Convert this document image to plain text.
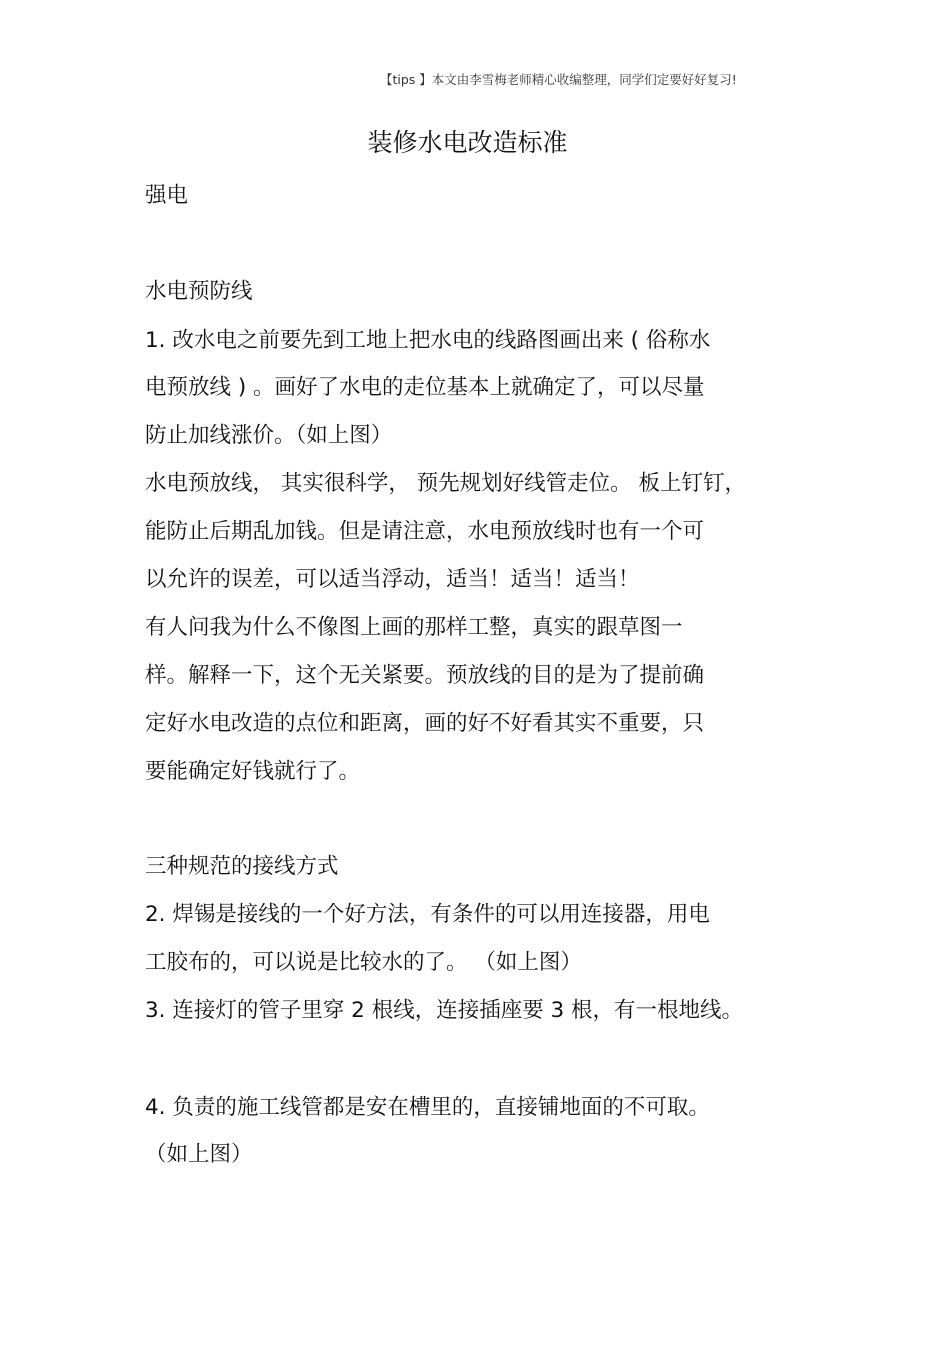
【tips 】本文由李雪梅老师精心收编整理，同学们定要好好复习!
装修水电改造标准
强电
水电预防线
1. 改水电之前要先到工地上把水电的线路图画出来 ( 俗称水
电预放线 ) 。画好了水电的走位基本上就确定了，可以尽量
防止加线涨价。（如上图）
水电预放线， 其实很科学， 预先规划好线管走位。 板上钉钉，
能防止后期乱加钱。但是请注意，水电预放线时也有一个可
以允许的误差，可以适当浮动，适当！适当！适当！
有人问我为什么不像图上画的那样工整，真实的跟草图一
样。解释一下，这个无关紧要。预放线的目的是为了提前确
定好水电改造的点位和距离，画的好不好看其实不重要，只
要能确定好钱就行了。
三种规范的接线方式
2. 焊锡是接线的一个好方法，有条件的可以用连接器，用电
工胶布的，可以说是比较水的了。 （如上图）
3. 连接灯的管子里穿 2 根线，连接插座要 3 根，有一根地线。
4. 负责的施工线管都是安在槽里的，直接铺地面的不可取。
（如上图）
